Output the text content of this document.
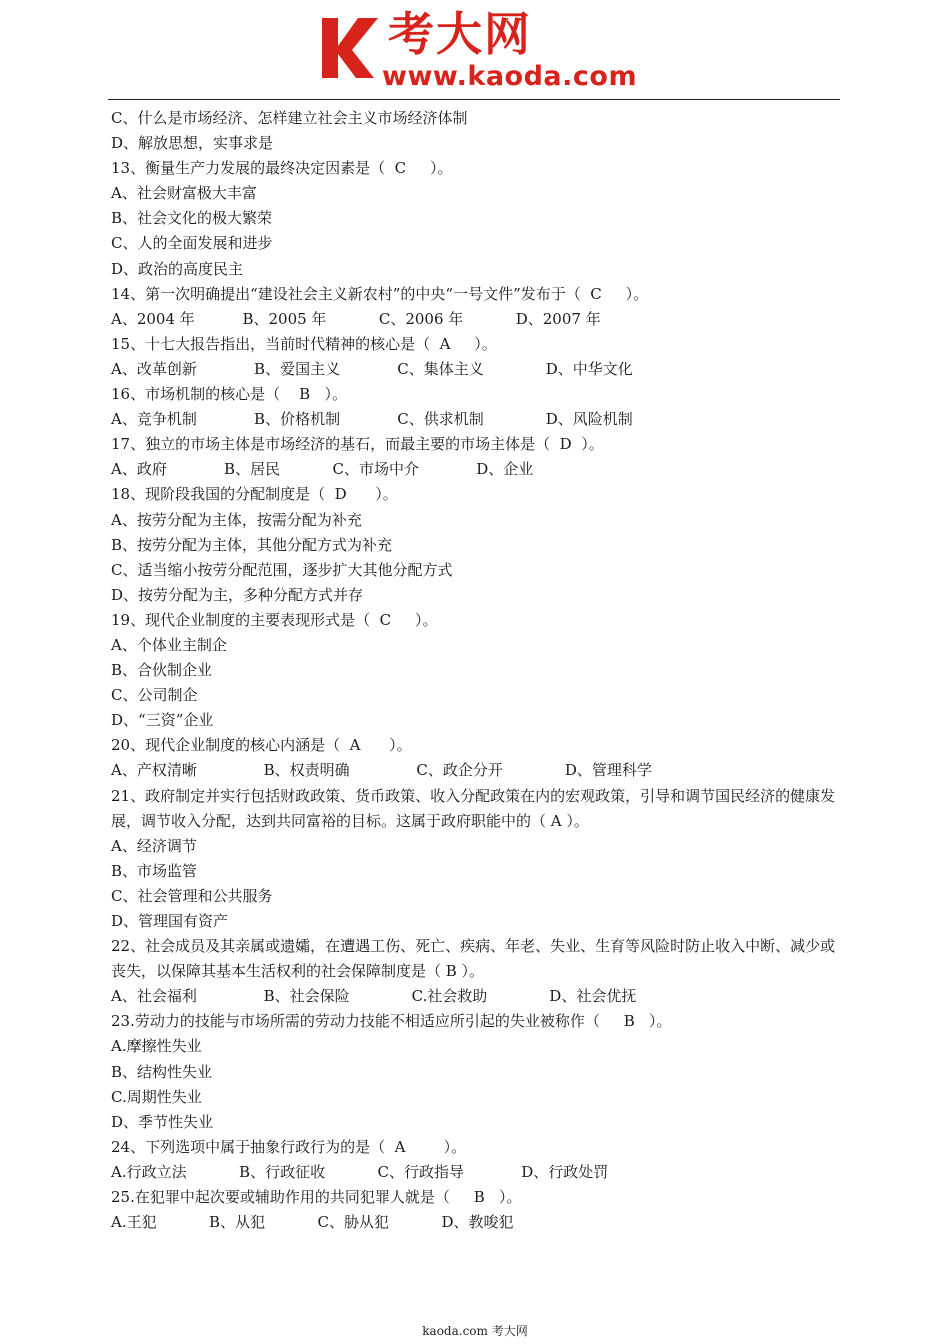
考大网
www.kaoda.com
C、什么是市场经济、怎样建立社会主义市场经济体制
D、解放思想，实事求是
13、衡量生产力发展的最终决定因素是（  C     ）。
A、社会财富极大丰富
B、社会文化的极大繁荣
C、人的全面发展和进步
D、政治的高度民主
14、第一次明确提出“建设社会主义新农村”的中央“一号文件”发布于（  C     ）。
A、2004 年          B、2005 年           C、2006 年           D、2007 年
15、十七大报告指出，当前时代精神的核心是（  A     ）。
A、改革创新            B、爱国主义            C、集体主义             D、中华文化
16、市场机制的核心是（    B   ）。
A、竞争机制            B、价格机制            C、供求机制             D、风险机制
17、独立的市场主体是市场经济的基石，而最主要的市场主体是（  D  ）。
A、政府            B、居民           C、市场中介            D、企业
18、现阶段我国的分配制度是（  D      ）。
A、按劳分配为主体，按需分配为补充
B、按劳分配为主体，其他分配方式为补充
C、适当缩小按劳分配范围，逐步扩大其他分配方式
D、按劳分配为主，多种分配方式并存
19、现代企业制度的主要表现形式是（  C     ）。
A、个体业主制企
B、合伙制企业
C、公司制企
D、“三资”企业
20、现代企业制度的核心内涵是（  A      ）。
A、产权清晰              B、权责明确              C、政企分开             D、管理科学
21、政府制定并实行包括财政政策、货币政策、收入分配政策在内的宏观政策，引导和调节国民经济的健康发展，调节收入分配，达到共同富裕的目标。这属于政府职能中的（ A ）。
A、经济调节
B、市场监管
C、社会管理和公共服务
D、管理国有资产
22、社会成员及其亲属或遗孀，在遭遇工伤、死亡、疾病、年老、失业、生育等风险时防止收入中断、减少或丧失，以保障其基本生活权利的社会保障制度是（ B ）。
A、社会福利              B、社会保险             C.社会救助             D、社会优抚
23.劳动力的技能与市场所需的劳动力技能不相适应所引起的失业被称作（     B   ）。
A.摩擦性失业
B、结构性失业
C.周期性失业
D、季节性失业
24、下列选项中属于抽象行政行为的是（  A        ）。
A.行政立法           B、行政征收           C、行政指导            D、行政处罚
25.在犯罪中起次要或辅助作用的共同犯罪人就是（     B   ）。
A.王犯           B、从犯           C、胁从犯           D、教唆犯
kaoda.com 考大网
